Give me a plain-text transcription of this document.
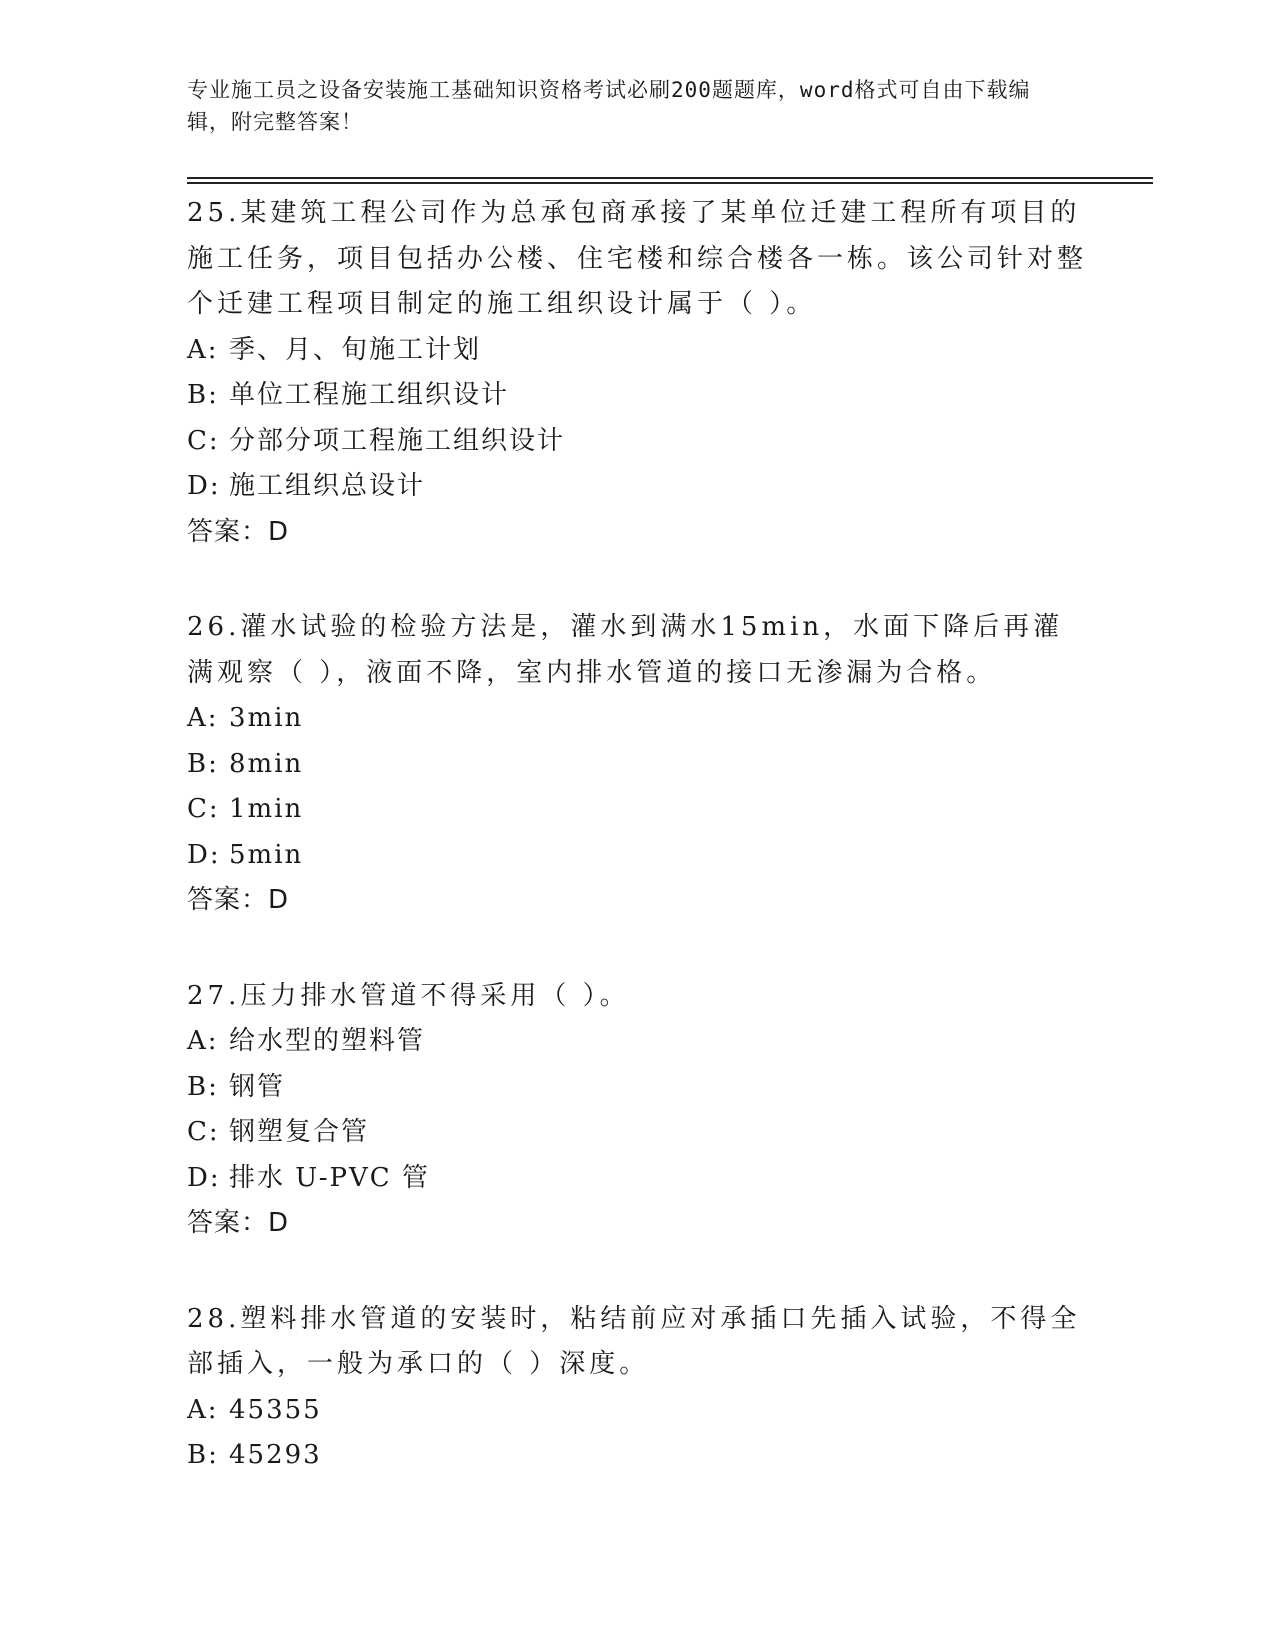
专业施工员之设备安装施工基础知识资格考试必刷200题题库，word格式可自由下载编辑，附完整答案！
25.某建筑工程公司作为总承包商承接了某单位迁建工程所有项目的施工任务，项目包括办公楼、住宅楼和综合楼各一栋。该公司针对整个迁建工程项目制定的施工组织设计属于（ ）。
A: 季、月、旬施工计划
B: 单位工程施工组织设计
C: 分部分项工程施工组织设计
D: 施工组织总设计
答案：D
26.灌水试验的检验方法是，灌水到满水15min，水面下降后再灌满观察（ ），液面不降，室内排水管道的接口无渗漏为合格。
A: 3min
B: 8min
C: 1min
D: 5min
答案：D
27.压力排水管道不得采用（ ）。
A: 给水型的塑料管
B: 钢管
C: 钢塑复合管
D: 排水 U-PVC 管
答案：D
28.塑料排水管道的安装时，粘结前应对承插口先插入试验，不得全部插入，一般为承口的（ ）深度。
A: 45355
B: 45293
